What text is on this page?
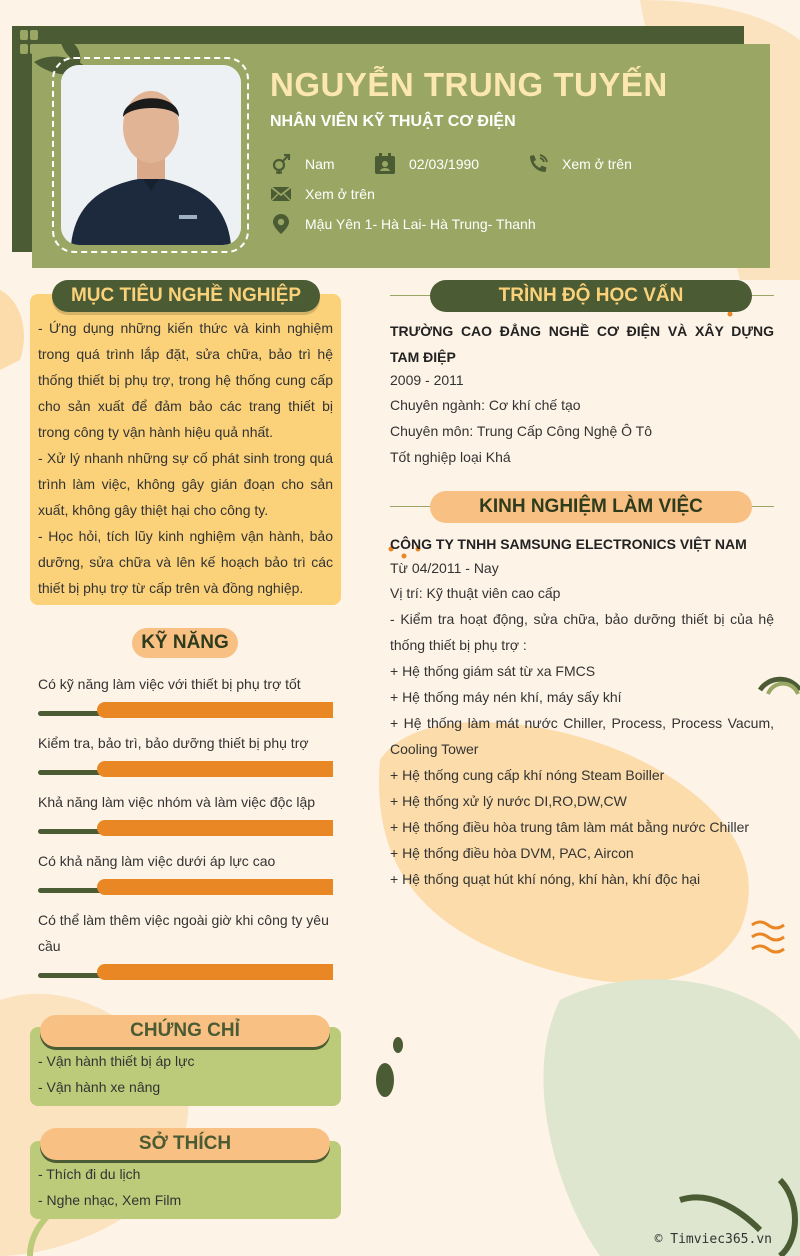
NGUYỄN TRUNG TUYẾN
NHÂN VIÊN KỸ THUẬT CƠ ĐIỆN
Nam	02/03/1990	Xem ở trên
Xem ở trên
Mậu Yên 1- Hà Lai- Hà Trung- Thanh
MỤC TIÊU NGHỀ NGHIỆP
- Ứng dụng những kiến thức và kinh nghiệm trong quá trình lắp đặt, sửa chữa, bảo trì hệ thống thiết bị phụ trợ, trong hệ thống cung cấp cho sản xuất để đảm bảo các trang thiết bị trong công ty vận hành hiệu quả nhất.
- Xử lý nhanh những sự cố phát sinh trong quá trình làm việc, không gây gián đoạn cho sản xuất, không gây thiệt hại cho công ty.
- Học hỏi, tích lũy kinh nghiệm vận hành, bảo dưỡng, sửa chữa và lên kế hoạch bảo trì các thiết bị phụ trợ từ cấp trên và đồng nghiệp.
KỸ NĂNG
Có kỹ năng làm việc với thiết bị phụ trợ tốt
Kiểm tra, bảo trì, bảo dưỡng thiết bị phụ trợ
Khả năng làm việc nhóm và làm việc độc lập
Có khả năng làm việc dưới áp lực cao
Có thể làm thêm việc ngoài giờ khi công ty yêu cầu
CHỨNG CHỈ
- Vận hành thiết bị áp lực
- Vận hành xe nâng
SỞ THÍCH
- Thích đi du lịch
- Nghe nhạc, Xem Film
TRÌNH ĐỘ HỌC VẤN
TRƯỜNG CAO ĐẲNG NGHỀ CƠ ĐIỆN VÀ XÂY DỰNG TAM ĐIỆP
2009 - 2011
Chuyên ngành: Cơ khí chế tạo
Chuyên môn: Trung Cấp Công Nghệ Ô Tô
Tốt nghiệp loại Khá
KINH NGHIỆM LÀM VIỆC
CÔNG TY TNHH SAMSUNG ELECTRONICS VIỆT NAM
Từ 04/2011 - Nay
Vị trí: Kỹ thuật viên cao cấp
- Kiểm tra hoạt động, sửa chữa, bảo dưỡng thiết bị của hệ thống thiết bị phụ trợ :
+ Hệ thống giám sát từ xa FMCS
+ Hệ thống máy nén khí, máy sấy khí
+ Hệ thống làm mát nước Chiller, Process, Process Vacum, Cooling Tower
+ Hệ thống cung cấp khí nóng Steam Boiller
+ Hệ thống xử lý nước DI,RO,DW,CW
+ Hệ thống điều hòa trung tâm làm mát bằng nước Chiller
+ Hệ thống điều hòa DVM, PAC, Aircon
+ Hệ thống quạt hút khí nóng, khí hàn, khí độc hại
© Timviec365.vn
